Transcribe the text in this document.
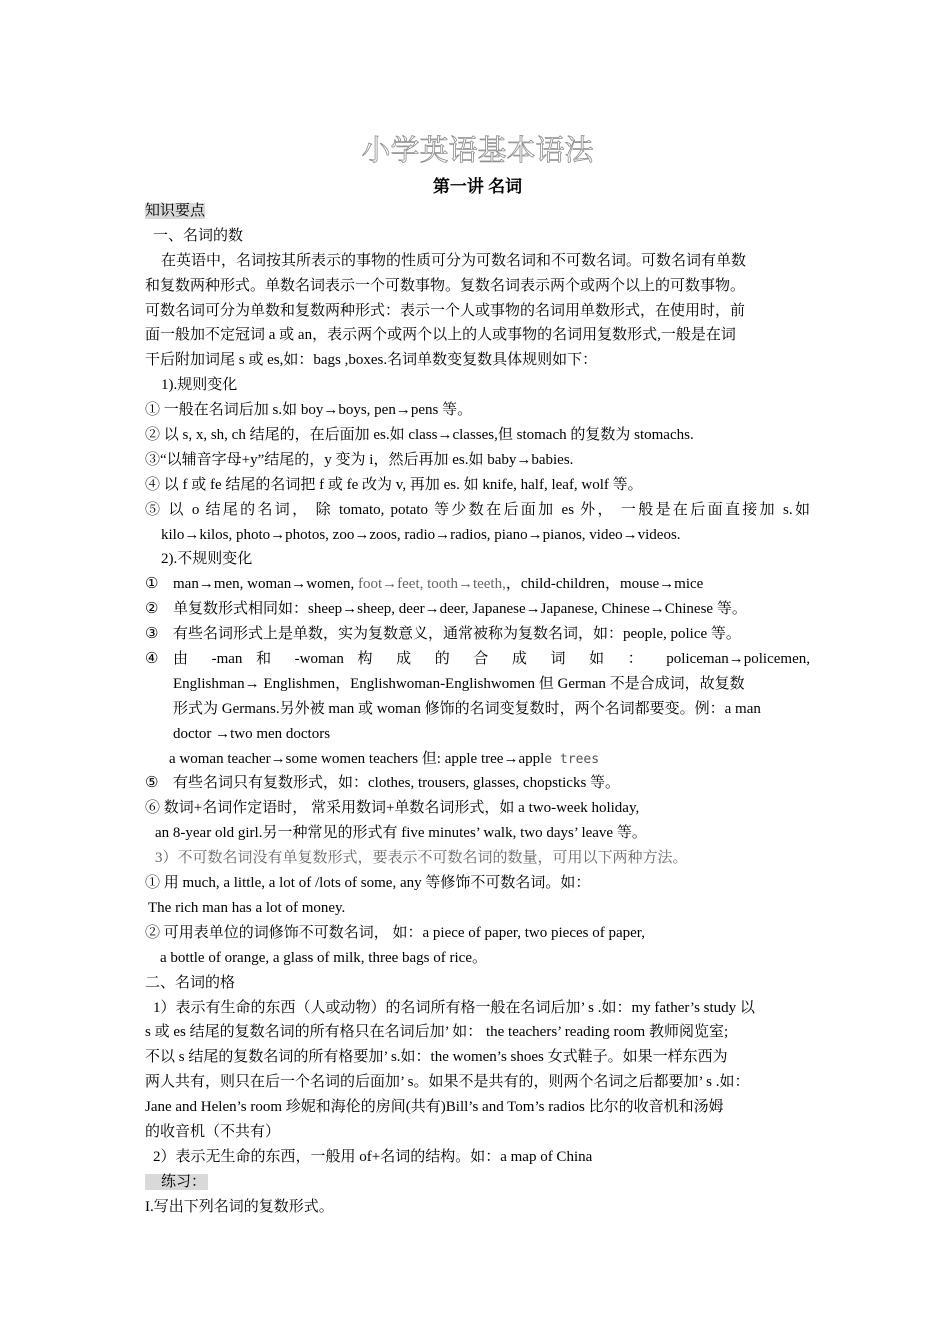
小学英语基本语法
第一讲 名词
知识要点
一、名词的数
在英语中，名词按其所表示的事物的性质可分为可数名词和不可数名词。可数名词有单数
和复数两种形式。单数名词表示一个可数事物。复数名词表示两个或两个以上的可数事物。
可数名词可分为单数和复数两种形式：表示一个人或事物的名词用单数形式，在使用时，前
面一般加不定冠词 a 或 an，表示两个或两个以上的人或事物的名词用复数形式,一般是在词
干后附加词尾 s 或 es,如：bags ,boxes.名词单数变复数具体规则如下：
1).规则变化
① 一般在名词后加 s.如 boy→boys, pen→pens 等。
② 以 s, x, sh, ch 结尾的，在后面加 es.如 class→classes,但 stomach 的复数为 stomachs.
③“以辅音字母+y”结尾的，y 变为 i，然后再加 es.如 baby→babies.
④ 以 f 或 fe 结尾的名词把 f 或 fe 改为 v, 再加 es. 如 knife, half, leaf, wolf 等。
⑤ 以 o 结尾的名词， 除 tomato, potato 等少数在后面加 es 外， 一般是在后面直接加 s.如
kilo→kilos, photo→photos, zoo→zoos, radio→radios, piano→pianos, video→videos.
2).不规则变化
① man→men, woman→women, foot→feet, tooth→teeth,，child-children，mouse→mice
② 单复数形式相同如：sheep→sheep, deer→deer, Japanese→Japanese, Chinese→Chinese 等。
③ 有些名词形式上是单数，实为复数意义，通常被称为复数名词，如：people, police 等。
④ 由 -man 和 -woman 构 成 的 合 成 词 如 ： policeman→policemen,
Englishman→ Englishmen，Englishwoman-Englishwomen 但 German 不是合成词，故复数
形式为 Germans.另外被 man 或 woman 修饰的名词变复数时，两个名词都要变。例：a man
doctor →two men doctors
a woman teacher→some women teachers 但: apple tree→apple trees
⑤ 有些名词只有复数形式，如：clothes, trousers, glasses, chopsticks 等。
⑥ 数词+名词作定语时， 常采用数词+单数名词形式，如 a two-week holiday,
an 8-year old girl.另一种常见的形式有 five minutes’ walk, two days’ leave 等。
3）不可数名词没有单复数形式，要表示不可数名词的数量，可用以下两种方法。
① 用 much, a little, a lot of /lots of some, any 等修饰不可数名词。如：
The rich man has a lot of money.
② 可用表单位的词修饰不可数名词， 如：a piece of paper, two pieces of paper,
a bottle of orange, a glass of milk, three bags of rice。
二、名词的格
1）表示有生命的东西（人或动物）的名词所有格一般在名词后加’ s .如：my father’s study 以
s 或 es 结尾的复数名词的所有格只在名词后加’ 如： the teachers’ reading room 教师阅览室;
不以 s 结尾的复数名词的所有格要加’ s.如：the women’s shoes 女式鞋子。如果一样东西为
两人共有，则只在后一个名词的后面加’ s。如果不是共有的，则两个名词之后都要加’ s .如：
Jane and Helen’s room 珍妮和海伦的房间(共有)Bill’s and Tom’s radios 比尔的收音机和汤姆
的收音机（不共有）
2）表示无生命的东西，一般用 of+名词的结构。如：a map of China
练习：
I.写出下列名词的复数形式。
